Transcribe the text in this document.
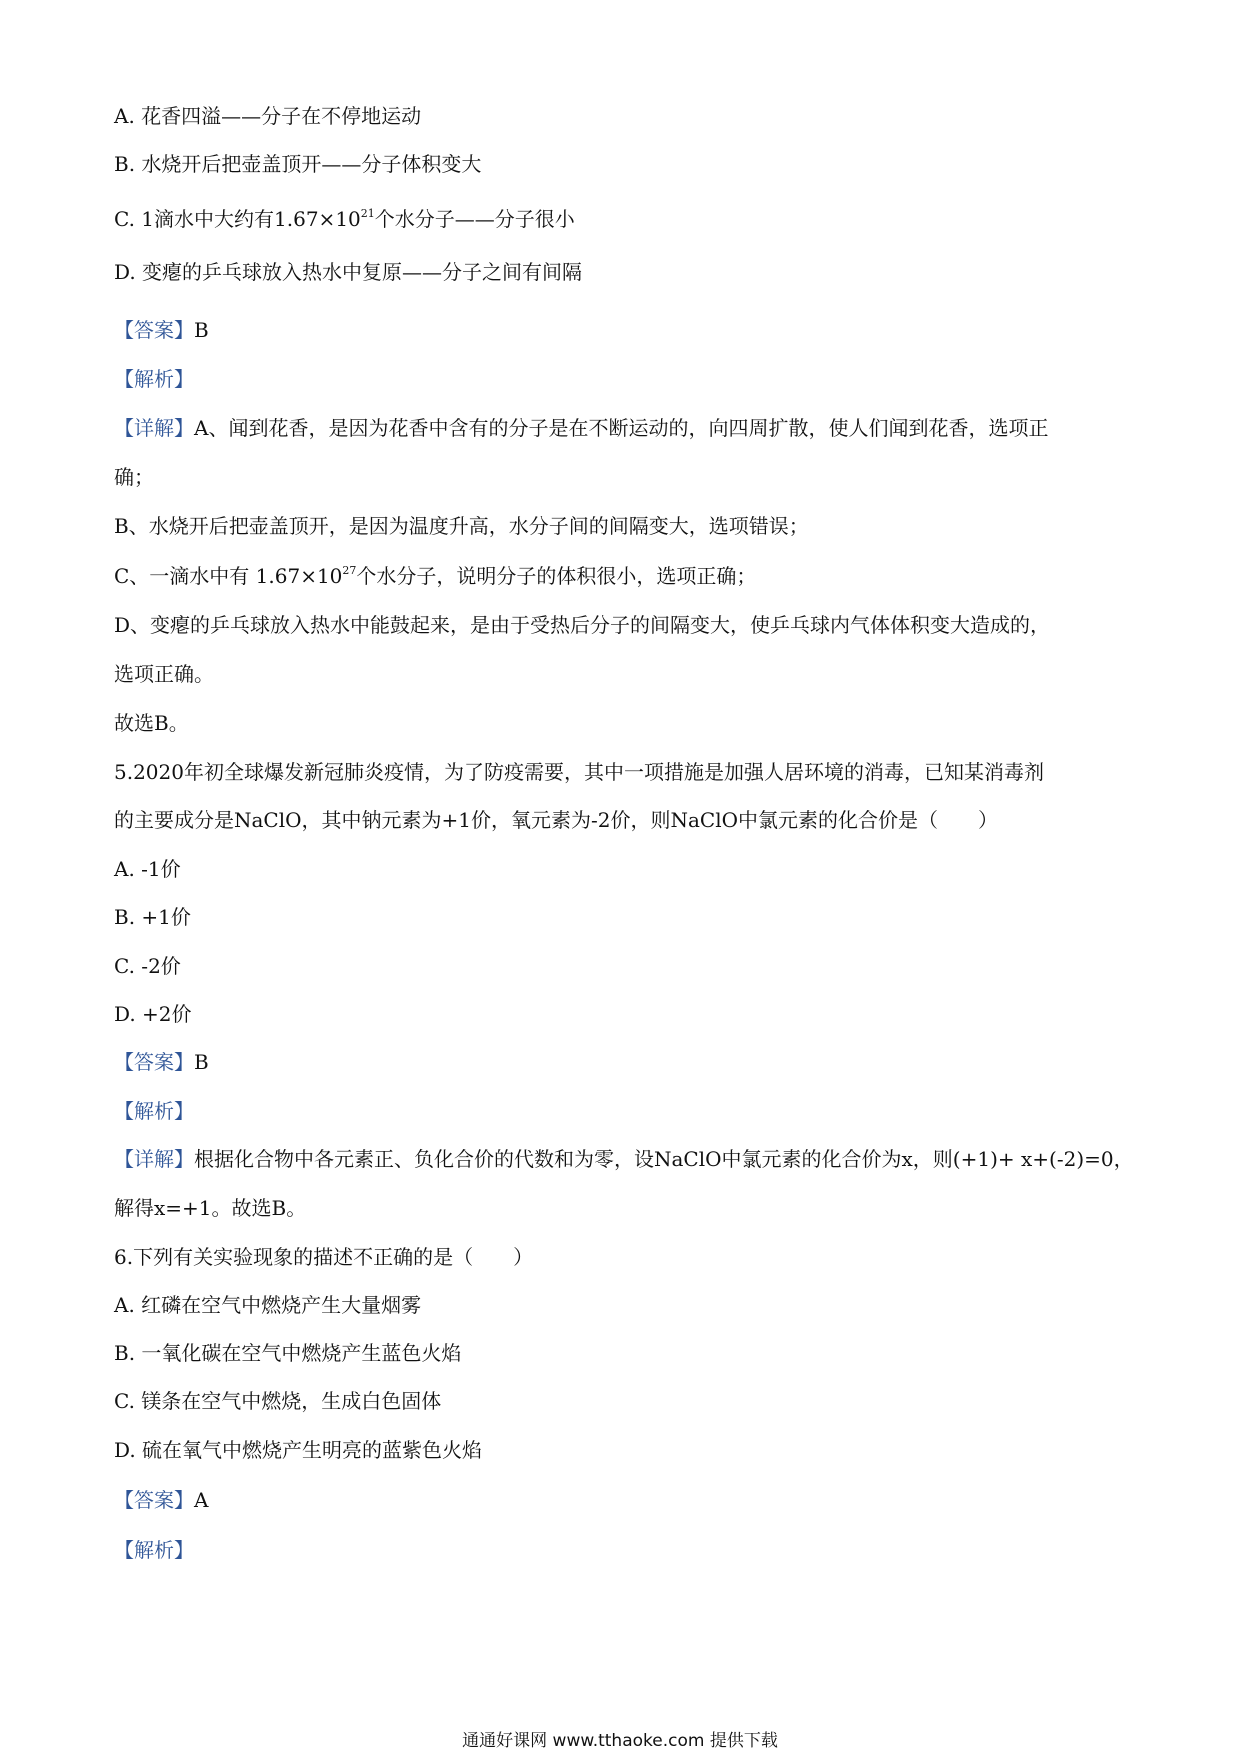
A. 花香四溢——分子在不停地运动
B. 水烧开后把壶盖顶开——分子体积变大
C. 1滴水中大约有$1.67\times 10^{21}$个水分子——分子很小
D. 变瘪的乒乓球放入热水中复原——分子之间有间隔
【答案】B
【解析】
【详解】A、闻到花香，是因为花香中含有的分子是在不断运动的，向四周扩散，使人们闻到花香，选项正
确；
B、水烧开后把壶盖顶开，是因为温度升高，水分子间的间隔变大，选项错误；
C、一滴水中有 $1.67\times 10^{27}$个水分子，说明分子的体积很小，选项正确；
D、变瘪的乒乓球放入热水中能鼓起来，是由于受热后分子的间隔变大，使乒乓球内气体体积变大造成的，
选项正确。
故选B。
5.2020年初全球爆发新冠肺炎疫情，为了防疫需要，其中一项措施是加强人居环境的消毒，已知某消毒剂
的主要成分是NaClO，其中钠元素为+1价，氧元素为-2价，则NaClO中氯元素的化合价是（　　）
A. -1价
B. +1价
C. -2价
D. +2价
【答案】B
【解析】
【详解】根据化合物中各元素正、负化合价的代数和为零，设NaClO中氯元素的化合价为x，则(+1)+ x+(-2)=0，
解得x=+1。故选B。
6.下列有关实验现象的描述不正确的是（　　）
A. 红磷在空气中燃烧产生大量烟雾
B. 一氧化碳在空气中燃烧产生蓝色火焰
C. 镁条在空气中燃烧，生成白色固体
D. 硫在氧气中燃烧产生明亮的蓝紫色火焰
【答案】A
【解析】
通通好课网 www.tthaoke.com 提供下载
